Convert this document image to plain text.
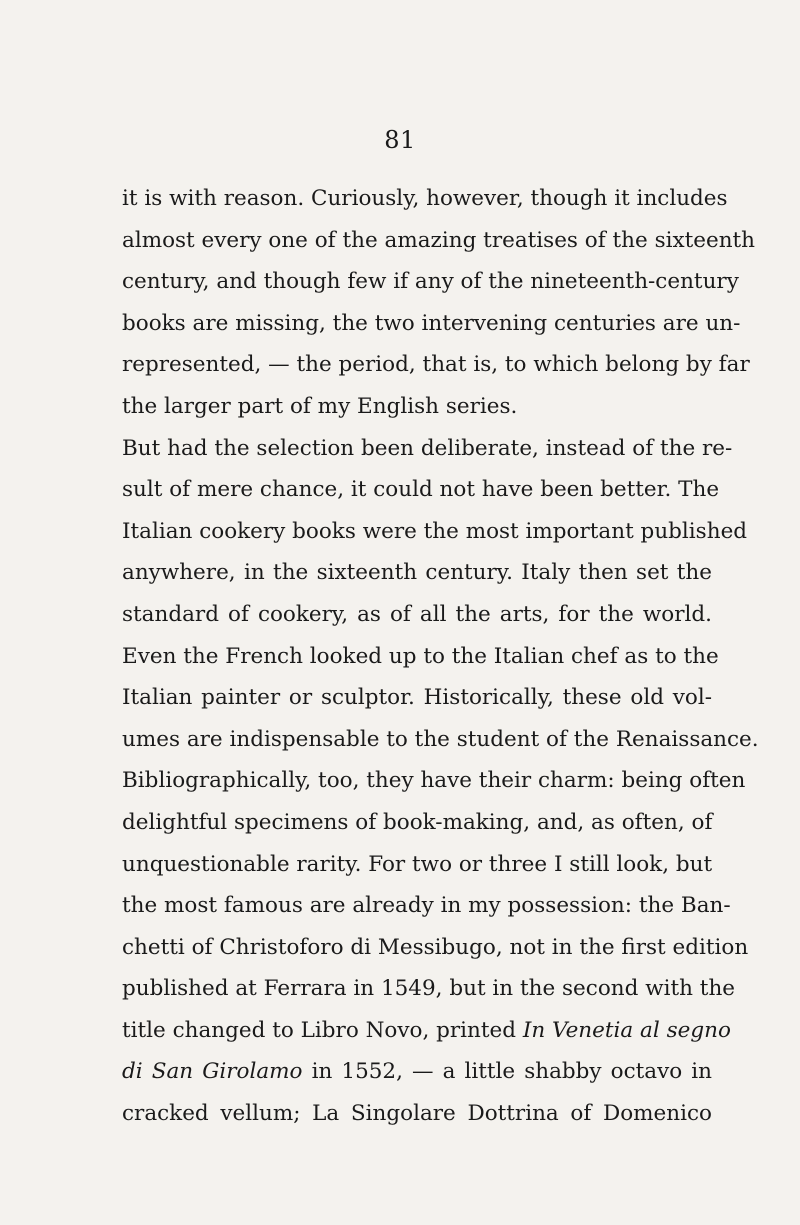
81
it is with reason. Curiously, however, though it includes
almost every one of the amazing treatises of the sixteenth
century, and though few if any of the nineteenth-century
books are missing, the two intervening centuries are un-
represented, — the period, that is, to which belong by far
the larger part of my English series.
But had the selection been deliberate, instead of the re-
sult of mere chance, it could not have been better. The
Italian cookery books were the most important published
anywhere, in the sixteenth century. Italy then set the
standard of cookery, as of all the arts, for the world.
Even the French looked up to the Italian chef as to the
Italian painter or sculptor. Historically, these old vol-
umes are indispensable to the student of the Renaissance.
Bibliographically, too, they have their charm: being often
delightful specimens of book-making, and, as often, of
unquestionable rarity. For two or three I still look, but
the most famous are already in my possession: the Ban-
chetti of Christoforo di Messibugo, not in the first edition
published at Ferrara in 1549, but in the second with the
title changed to Libro Novo, printed In Venetia al segno
di San Girolamo in 1552, — a little shabby octavo in
cracked vellum; La Singolare Dottrina of Domenico
